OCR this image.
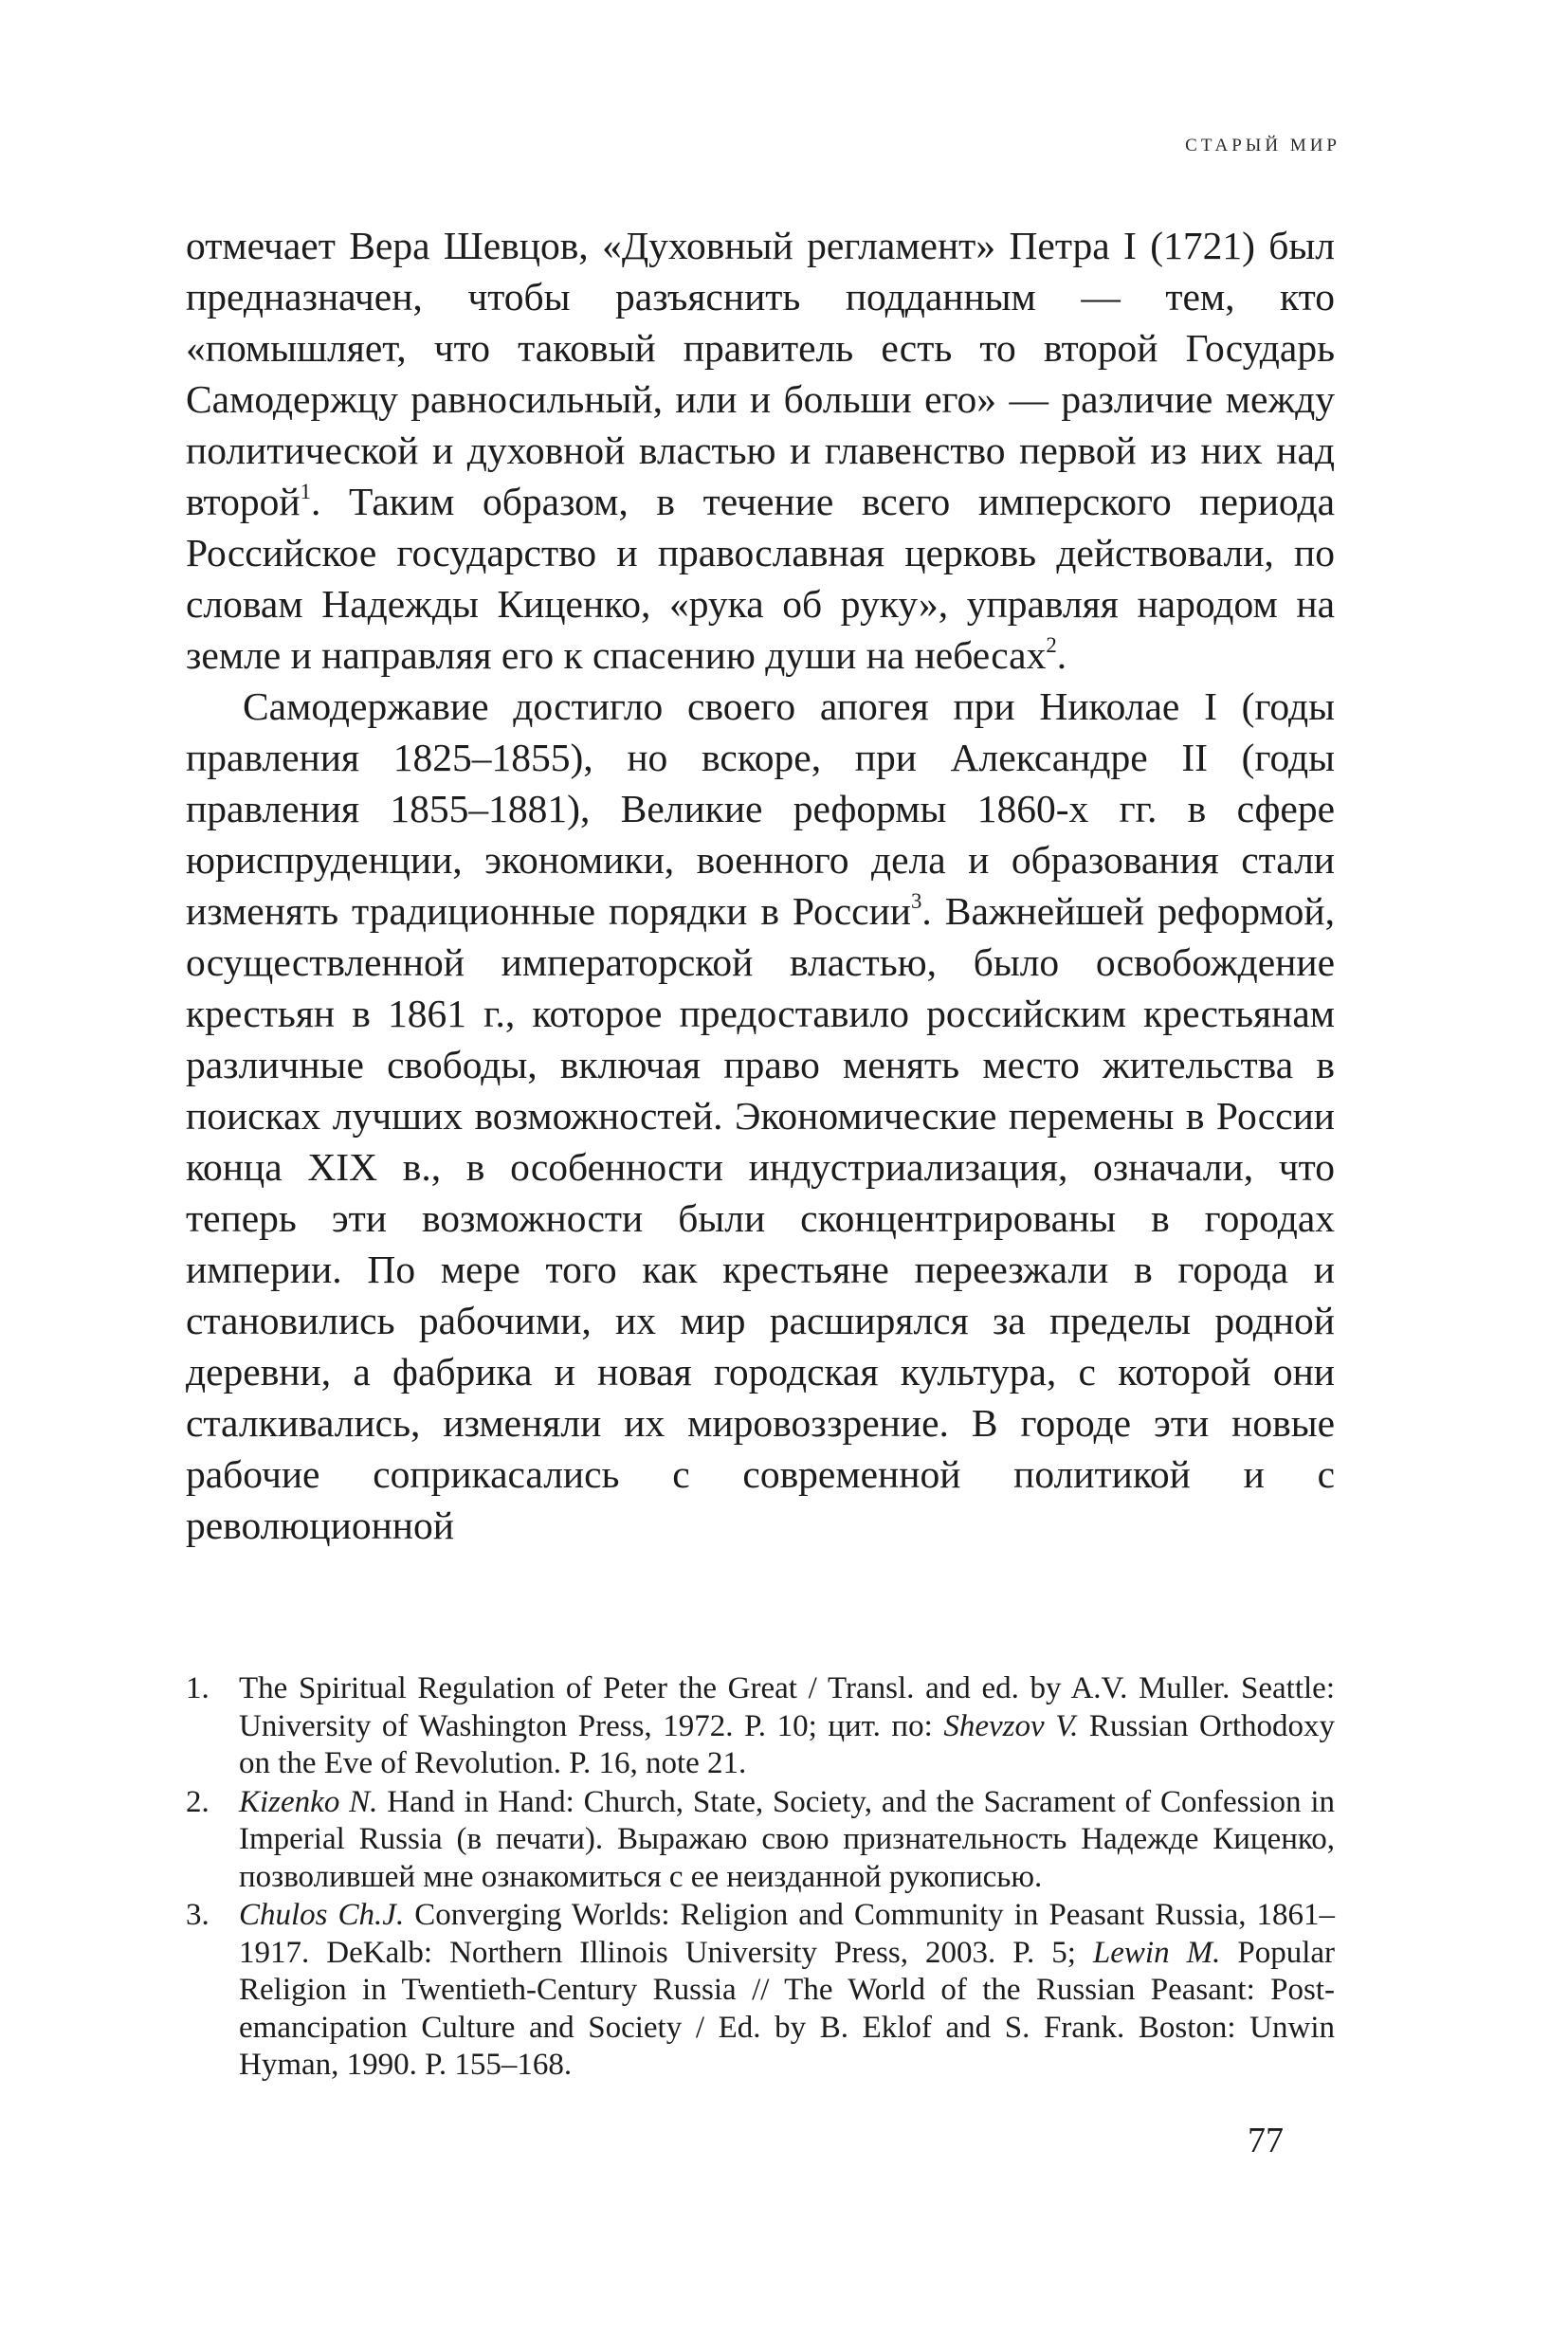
СТАРЫЙ МИР

отмечает Вера Шевцов, «Духовный регламент» Петра I (1721) был предназначен, чтобы разъяснить подданным — тем, кто «помышляет, что таковый правитель есть то второй Государь Самодержцу равносильный, или и больши его» — различие между политической и духовной властью и главенство первой из них над второй$^1$. Таким образом, в течение всего имперского периода Российское государство и православная церковь действовали, по словам Надежды Киценко, «рука об руку», управляя народом на земле и направляя его к спасению души на небесах$^2$.

Самодержавие достигло своего апогея при Николае I (годы правления 1825–1855), но вскоре, при Александре II (годы правления 1855–1881), Великие реформы 1860-х гг. в сфере юриспруденции, экономики, военного дела и образования стали изменять традиционные порядки в России$^3$. Важнейшей реформой, осуществленной императорской властью, было освобождение крестьян в 1861 г., которое предоставило российским крестьянам различные свободы, включая право менять место жительства в поисках лучших возможностей. Экономические перемены в России конца XIX в., в особенности индустриализация, означали, что теперь эти возможности были сконцентрированы в городах империи. По мере того как крестьяне переезжали в города и становились рабочими, их мир расширялся за пределы родной деревни, а фабрика и новая городская культура, с которой они сталкивались, изменяли их мировоззрение. В городе эти новые рабочие соприкасались с современной политикой и с революционной

1. The Spiritual Regulation of Peter the Great / Transl. and ed. by A.V. Muller. Seattle: University of Washington Press, 1972. P. 10; цит. по: Shevzov V. Russian Orthodoxy on the Eve of Revolution. P. 16, note 21.
2. Kizenko N. Hand in Hand: Church, State, Society, and the Sacrament of Confession in Imperial Russia (в печати). Выражаю свою признательность Надежде Киценко, позволившей мне ознакомиться с ее неизданной рукописью.
3. Chulos Ch.J. Converging Worlds: Religion and Community in Peasant Russia, 1861–1917. DeKalb: Northern Illinois University Press, 2003. P. 5; Lewin M. Popular Religion in Twentieth-Century Russia // The World of the Russian Peasant: Post-emancipation Culture and Society / Ed. by B. Eklof and S. Frank. Boston: Unwin Hyman, 1990. P. 155–168.
77
